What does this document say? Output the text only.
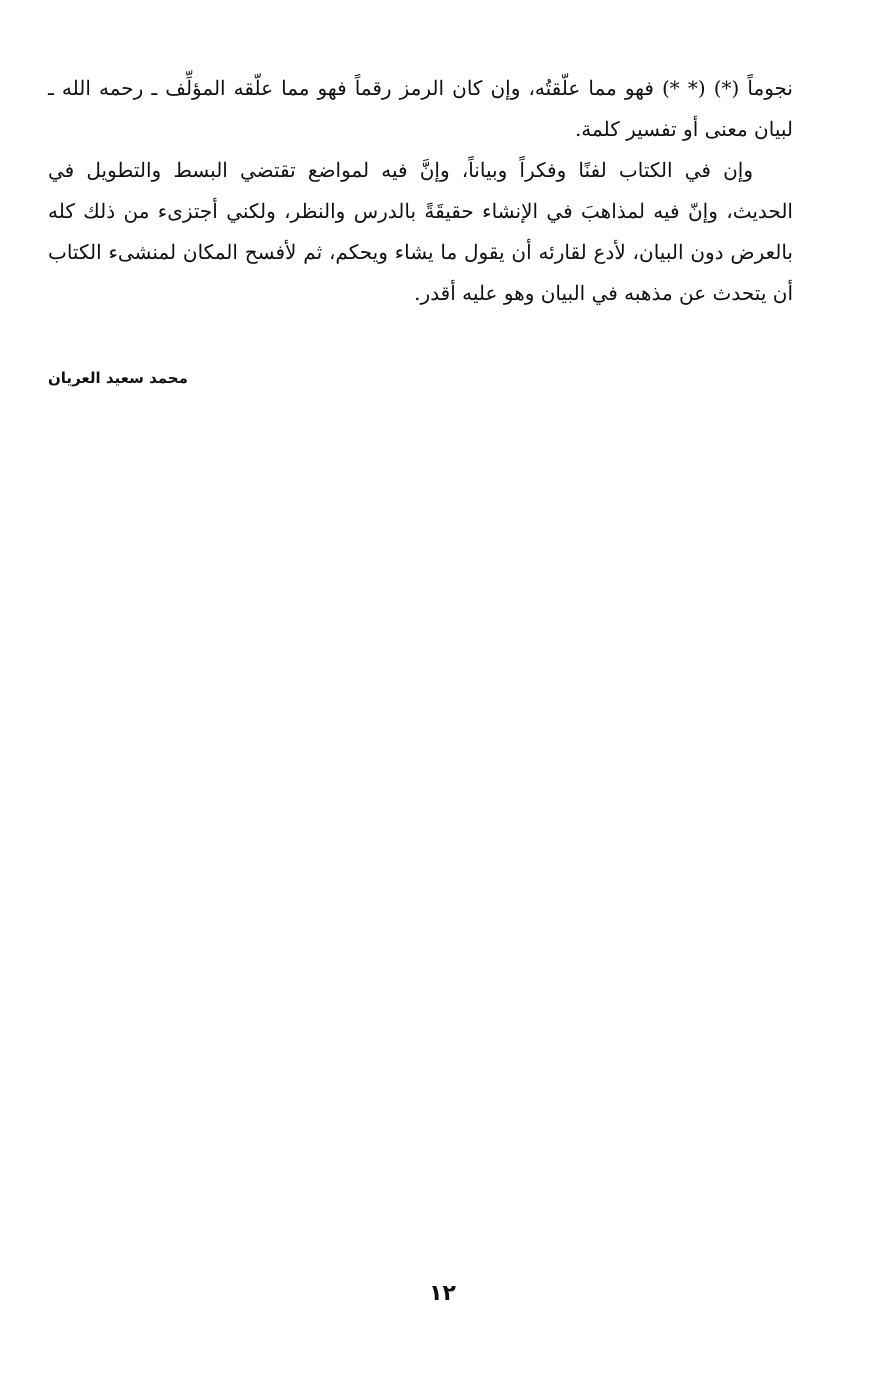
نجوماً (*) (* *) فهو مما علّقتُه، وإن كان الرمز رقماً فهو مما علّقه المؤلِّف ـ رحمه الله ـ لبيان معنى أو تفسير كلمة.

وإن في الكتاب لفنًا وفكراً وبياناً، وإنَّ فيه لمواضع تقتضي البسط والتطويل في الحديث، وإنّ فيه لمذاهبَ في الإنشاء حقيقَةً بالدرس والنظر، ولكني أجتزىء من ذلك كله بالعرض دون البيان، لأدع لقارئه أن يقول ما يشاء ويحكم، ثم لأفسح المكان لمنشىء الكتاب أن يتحدث عن مذهبه في البيان وهو عليه أقدر.

محمد سعيد العريان
١٢
